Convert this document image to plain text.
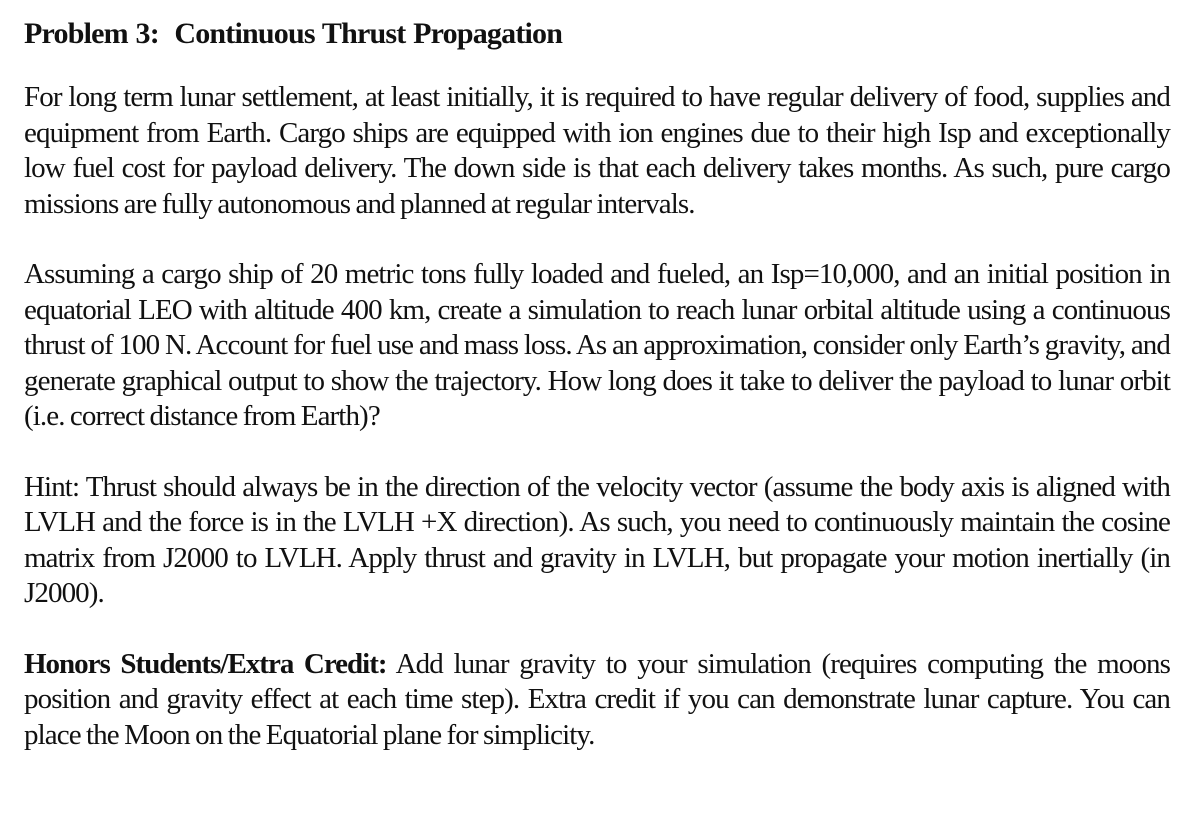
Problem 3: Continuous Thrust Propagation

For long term lunar settlement, at least initially, it is required to have regular delivery of food, supplies and equipment from Earth. Cargo ships are equipped with ion engines due to their high Isp and exceptionally low fuel cost for payload delivery. The down side is that each delivery takes months. As such, pure cargo missions are fully autonomous and planned at regular intervals.

Assuming a cargo ship of 20 metric tons fully loaded and fueled, an Isp=10,000, and an initial position in equatorial LEO with altitude 400 km, create a simulation to reach lunar orbital altitude using a continuous thrust of 100 N. Account for fuel use and mass loss. As an approximation, consider only Earth’s gravity, and generate graphical output to show the trajectory. How long does it take to deliver the payload to lunar orbit (i.e. correct distance from Earth)?

Hint: Thrust should always be in the direction of the velocity vector (assume the body axis is aligned with LVLH and the force is in the LVLH +X direction). As such, you need to continuously maintain the cosine matrix from J2000 to LVLH. Apply thrust and gravity in LVLH, but propagate your motion inertially (in J2000).

Honors Students/Extra Credit: Add lunar gravity to your simulation (requires computing the moons position and gravity effect at each time step). Extra credit if you can demonstrate lunar capture. You can place the Moon on the Equatorial plane for simplicity.
